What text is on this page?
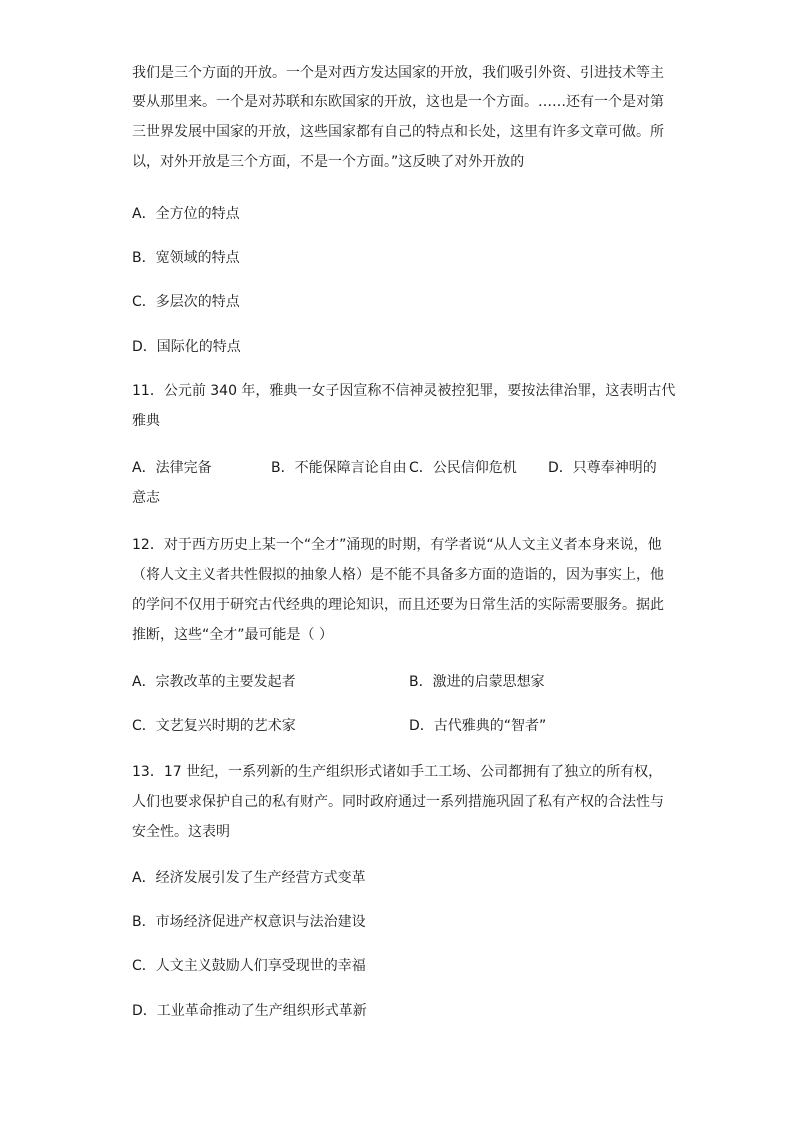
我们是三个方面的开放。一个是对西方发达国家的开放，我们吸引外资、引进技术等主
要从那里来。一个是对苏联和东欧国家的开放，这也是一个方面。……还有一个是对第
三世界发展中国家的开放，这些国家都有自己的特点和长处，这里有许多文章可做。所
以，对外开放是三个方面，不是一个方面。”这反映了对外开放的
A．全方位的特点
B．宽领域的特点
C．多层次的特点
D．国际化的特点
11．公元前 340 年，雅典一女子因宣称不信神灵被控犯罪，要按法律治罪，这表明古代
雅典
A．法律完备	B．不能保障言论自由 C．公民信仰危机 D．只尊奉神明的
意志
12．对于西方历史上某一个“全才”涌现的时期，有学者说“从人文主义者本身来说，他
（将人文主义者共性假拟的抽象人格）是不能不具备多方面的造诣的，因为事实上，他
的学问不仅用于研究古代经典的理论知识，而且还要为日常生活的实际需要服务。据此
推断，这些“全才”最可能是（ ）
A．宗教改革的主要发起者	B．激进的启蒙思想家
C．文艺复兴时期的艺术家	D．古代雅典的“智者”
13．17 世纪，一系列新的生产组织形式诸如手工工场、公司都拥有了独立的所有权，
人们也要求保护自己的私有财产。同时政府通过一系列措施巩固了私有产权的合法性与
安全性。这表明
A．经济发展引发了生产经营方式变革
B．市场经济促进产权意识与法治建设
C．人文主义鼓励人们享受现世的幸福
D．工业革命推动了生产组织形式革新
